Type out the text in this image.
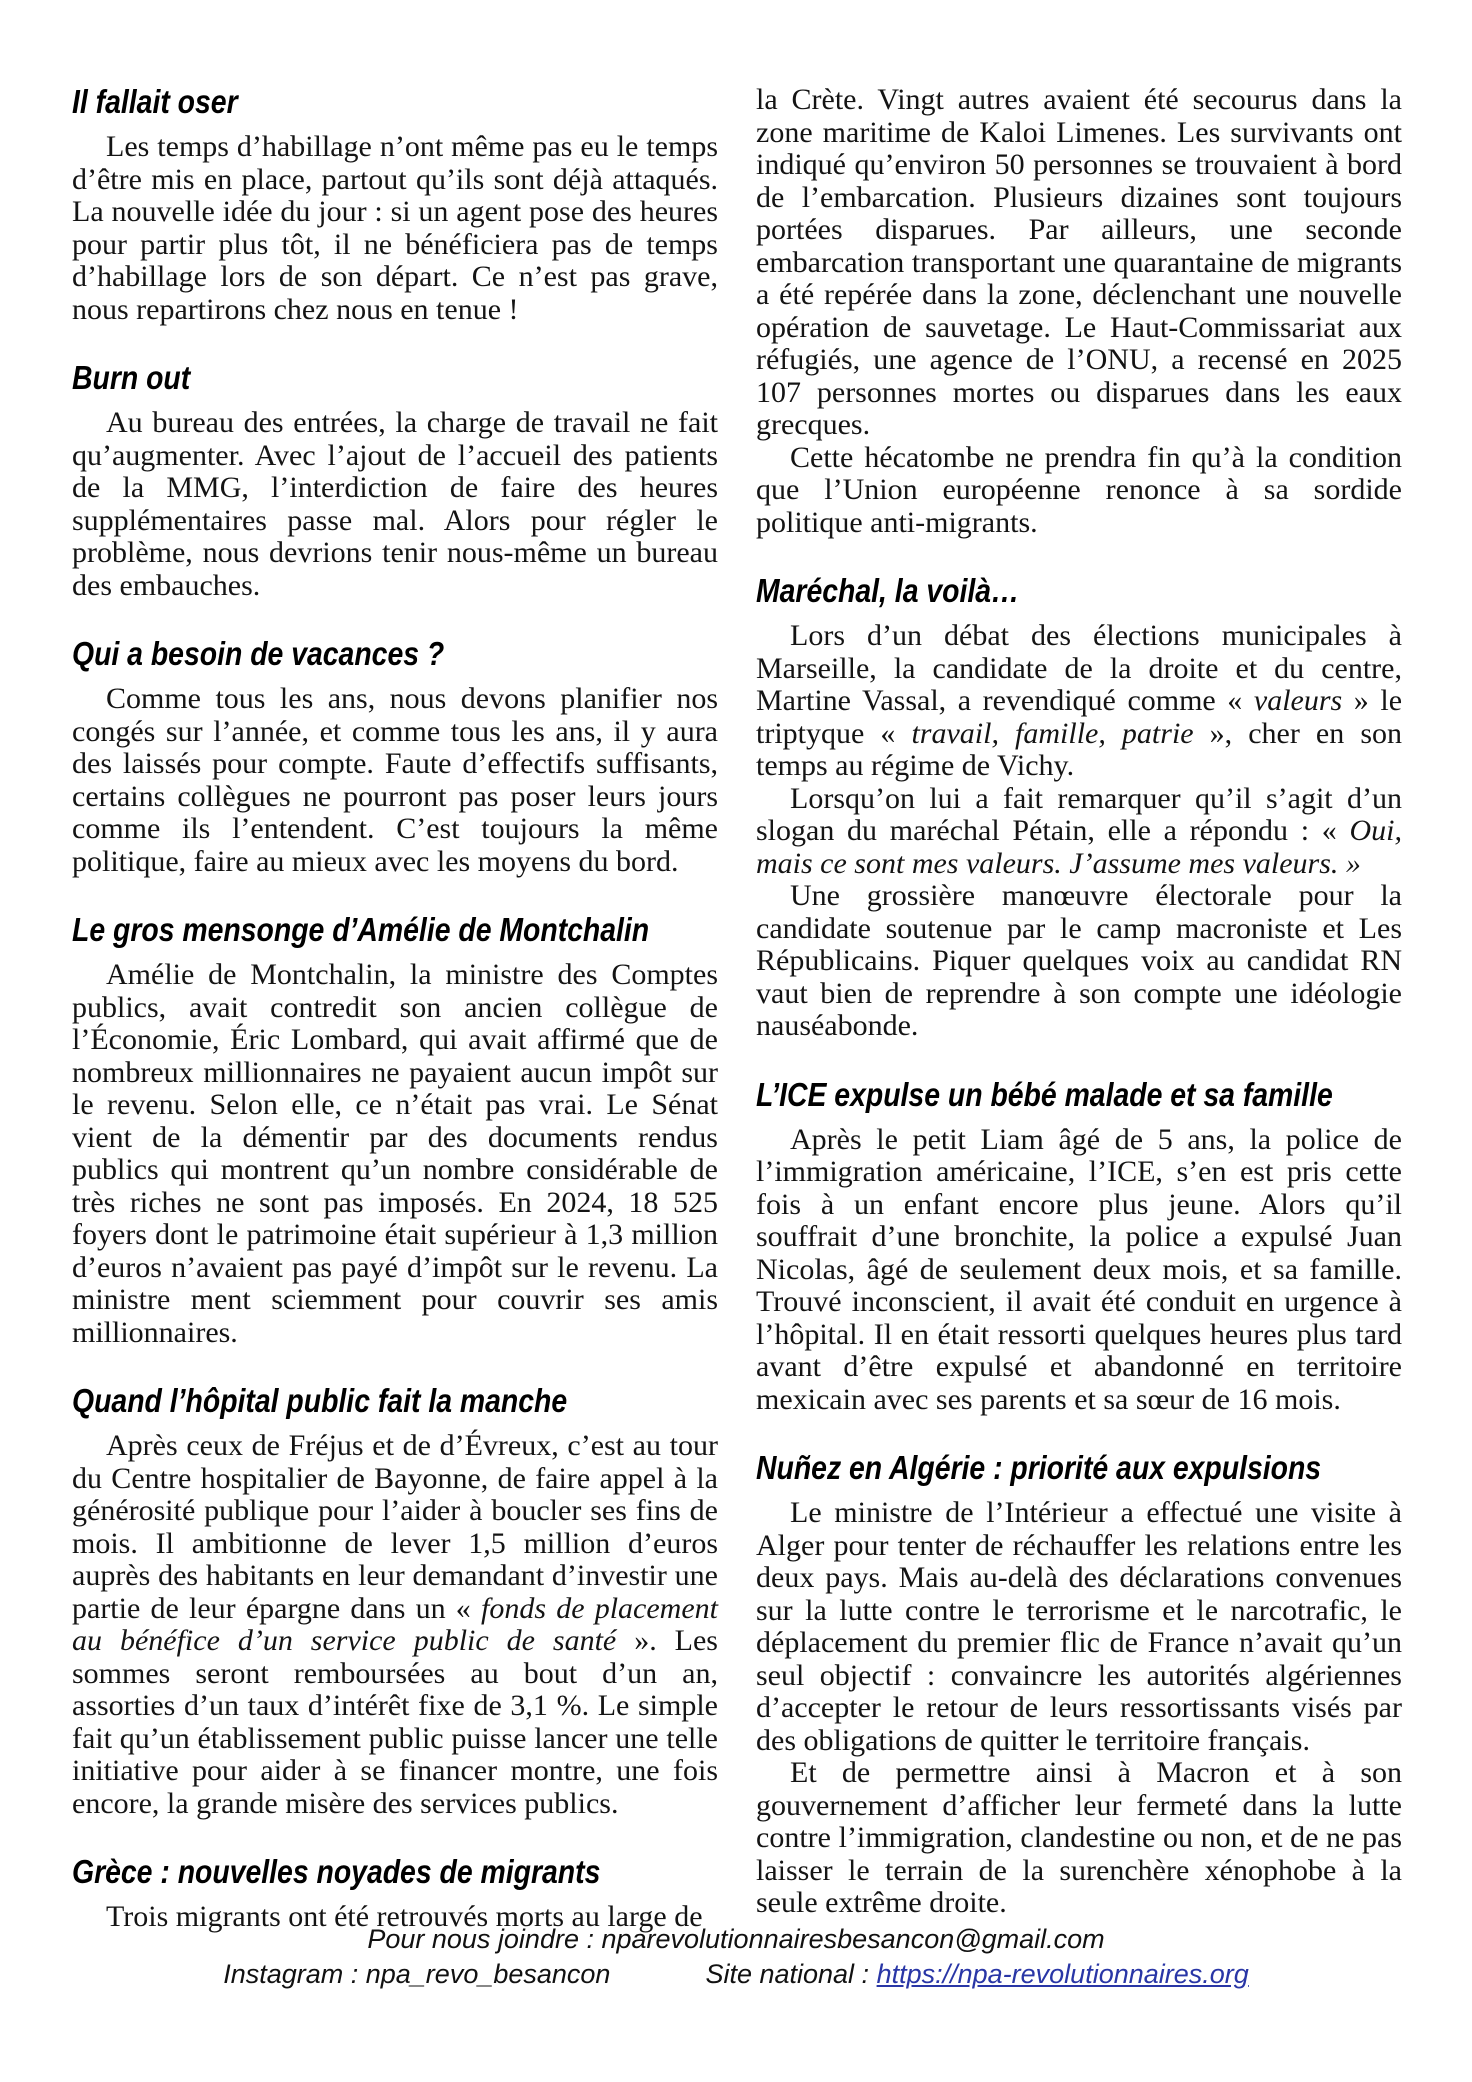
Il fallait oser

Les temps d’habillage n’ont même pas eu le temps d’être mis en place, partout qu’ils sont déjà attaqués. La nouvelle idée du jour : si un agent pose des heures pour partir plus tôt, il ne bénéficiera pas de temps d’habillage lors de son départ. Ce n’est pas grave, nous repartirons chez nous en tenue !

Burn out

Au bureau des entrées, la charge de travail ne fait qu’augmenter. Avec l’ajout de l’accueil des patients de la MMG, l’interdiction de faire des heures supplémentaires passe mal. Alors pour régler le problème, nous devrions tenir nous-même un bureau des embauches.

Qui a besoin de vacances ?

Comme tous les ans, nous devons planifier nos congés sur l’année, et comme tous les ans, il y aura des laissés pour compte. Faute d’effectifs suffisants, certains collègues ne pourront pas poser leurs jours comme ils l’entendent. C’est toujours la même politique, faire au mieux avec les moyens du bord.

Le gros mensonge d’Amélie de Montchalin

Amélie de Montchalin, la ministre des Comptes publics, avait contredit son ancien collègue de l’Économie, Éric Lombard, qui avait affirmé que de nombreux millionnaires ne payaient aucun impôt sur le revenu. Selon elle, ce n’était pas vrai. Le Sénat vient de la démentir par des documents rendus publics qui montrent qu’un nombre considérable de très riches ne sont pas imposés. En 2024, 18 525 foyers dont le patrimoine était supérieur à 1,3 million d’euros n’avaient pas payé d’impôt sur le revenu. La ministre ment sciemment pour couvrir ses amis millionnaires.

Quand l’hôpital public fait la manche

Après ceux de Fréjus et de d’Évreux, c’est au tour du Centre hospitalier de Bayonne, de faire appel à la générosité publique pour l’aider à boucler ses fins de mois. Il ambitionne de lever 1,5 million d’euros auprès des habitants en leur demandant d’investir une partie de leur épargne dans un « fonds de placement au bénéfice d’un service public de santé ». Les sommes seront remboursées au bout d’un an, assorties d’un taux d’intérêt fixe de 3,1 %. Le simple fait qu’un établissement public puisse lancer une telle initiative pour aider à se financer montre, une fois encore, la grande misère des services publics.

Grèce : nouvelles noyades de migrants

Trois migrants ont été retrouvés morts au large de

la Crète. Vingt autres avaient été secourus dans la zone maritime de Kaloi Limenes. Les survivants ont indiqué qu’environ 50 personnes se trouvaient à bord de l’embarcation. Plusieurs dizaines sont toujours portées disparues. Par ailleurs, une seconde embarcation transportant une quarantaine de migrants a été repérée dans la zone, déclenchant une nouvelle opération de sauvetage. Le Haut-Commissariat aux réfugiés, une agence de l’ONU, a recensé en 2025 107 personnes mortes ou disparues dans les eaux grecques.

Cette hécatombe ne prendra fin qu’à la condition que l’Union européenne renonce à sa sordide politique anti-migrants.

Maréchal, la voilà…

Lors d’un débat des élections municipales à Marseille, la candidate de la droite et du centre, Martine Vassal, a revendiqué comme « valeurs » le triptyque « travail, famille, patrie », cher en son temps au régime de Vichy.

Lorsqu’on lui a fait remarquer qu’il s’agit d’un slogan du maréchal Pétain, elle a répondu : « Oui, mais ce sont mes valeurs. J’assume mes valeurs. »

Une grossière manœuvre électorale pour la candidate soutenue par le camp macroniste et Les Républicains. Piquer quelques voix au candidat RN vaut bien de reprendre à son compte une idéologie nauséabonde.

L’ICE expulse un bébé malade et sa famille

Après le petit Liam âgé de 5 ans, la police de l’immigration américaine, l’ICE, s’en est pris cette fois à un enfant encore plus jeune. Alors qu’il souffrait d’une bronchite, la police a expulsé Juan Nicolas, âgé de seulement deux mois, et sa famille. Trouvé inconscient, il avait été conduit en urgence à l’hôpital. Il en était ressorti quelques heures plus tard avant d’être expulsé et abandonné en territoire mexicain avec ses parents et sa sœur de 16 mois.

Nuñez en Algérie : priorité aux expulsions

Le ministre de l’Intérieur a effectué une visite à Alger pour tenter de réchauffer les relations entre les deux pays. Mais au-delà des déclarations convenues sur la lutte contre le terrorisme et le narcotrafic, le déplacement du premier flic de France n’avait qu’un seul objectif : convaincre les autorités algériennes d’accepter le retour de leurs ressortissants visés par des obligations de quitter le territoire français.

Et de permettre ainsi à Macron et à son gouvernement d’afficher leur fermeté dans la lutte contre l’immigration, clandestine ou non, et de ne pas laisser le terrain de la surenchère xénophobe à la seule extrême droite.

Pour nous joindre : nparevolutionnairesbesancon@gmail.com
Instagram : npa_revo_besancon	Site national : https://npa-revolutionnaires.org
